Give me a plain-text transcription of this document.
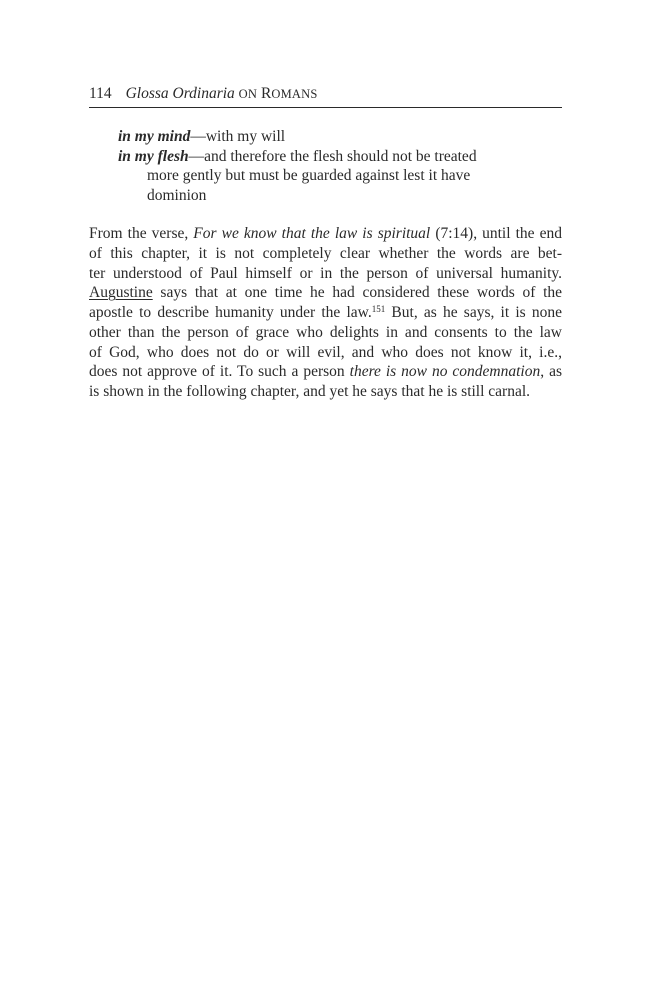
114 Glossa Ordinaria ON ROMANS
in my mind—with my will
in my flesh—and therefore the flesh should not be treated
more gently but must be guarded against lest it have
dominion
From the verse, For we know that the law is spiritual (7:14), until the end
of this chapter, it is not completely clear whether the words are bet-
ter understood of Paul himself or in the person of universal humanity.
Augustine says that at one time he had considered these words of the
apostle to describe humanity under the law.$^{151}$ But, as he says, it is none
other than the person of grace who delights in and consents to the law
of God, who does not do or will evil, and who does not know it, i.e.,
does not approve of it. To such a person there is now no condemnation, as
is shown in the following chapter, and yet he says that he is still carnal.
